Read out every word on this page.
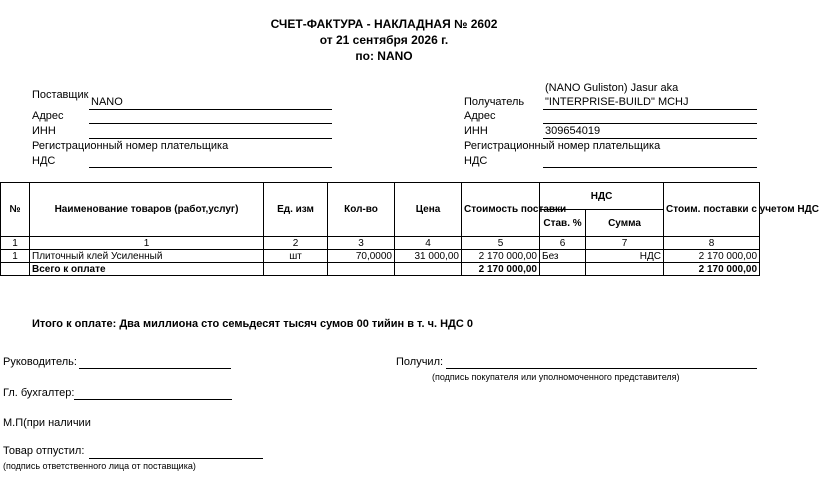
СЧЕТ-ФАКТУРА - НАКЛАДНАЯ № 2602
от 21 сентября 2026 г.
по: NANO
Поставщик
NANO
Адрес
ИНН
Регистрационный номер плательщика
НДС
(NANO Guliston) Jasur aka
Получатель "INTERPRISE-BUILD" MCHJ
Адрес
ИНН	309654019
Регистрационный номер плательщика
НДС
№	Наименование товаров (работ,услуг)	Ед. изм	Кол-во	Цена	Стоимость поставки	НДС		Стоим. поставки с учетом НДС
						Став. %	Сумма	
1	1	2	3	4	5	6	7	8
1	Плиточный клей Усиленный	шт	70,0000	31 000,00	2 170 000,00	Без	НДС	2 170 000,00
	Всего к оплате				2 170 000,00			2 170 000,00
Итого к оплате: Два миллиона сто семьдесят тысяч сумов 00 тийин в т. ч. НДС 0
Руководитель:
Гл. бухгалтер:
М.П(при наличии
Товар отпустил:
(подпись ответственного лица от поставщика)
Получил:
(подпись покупателя или уполномоченного представителя)
